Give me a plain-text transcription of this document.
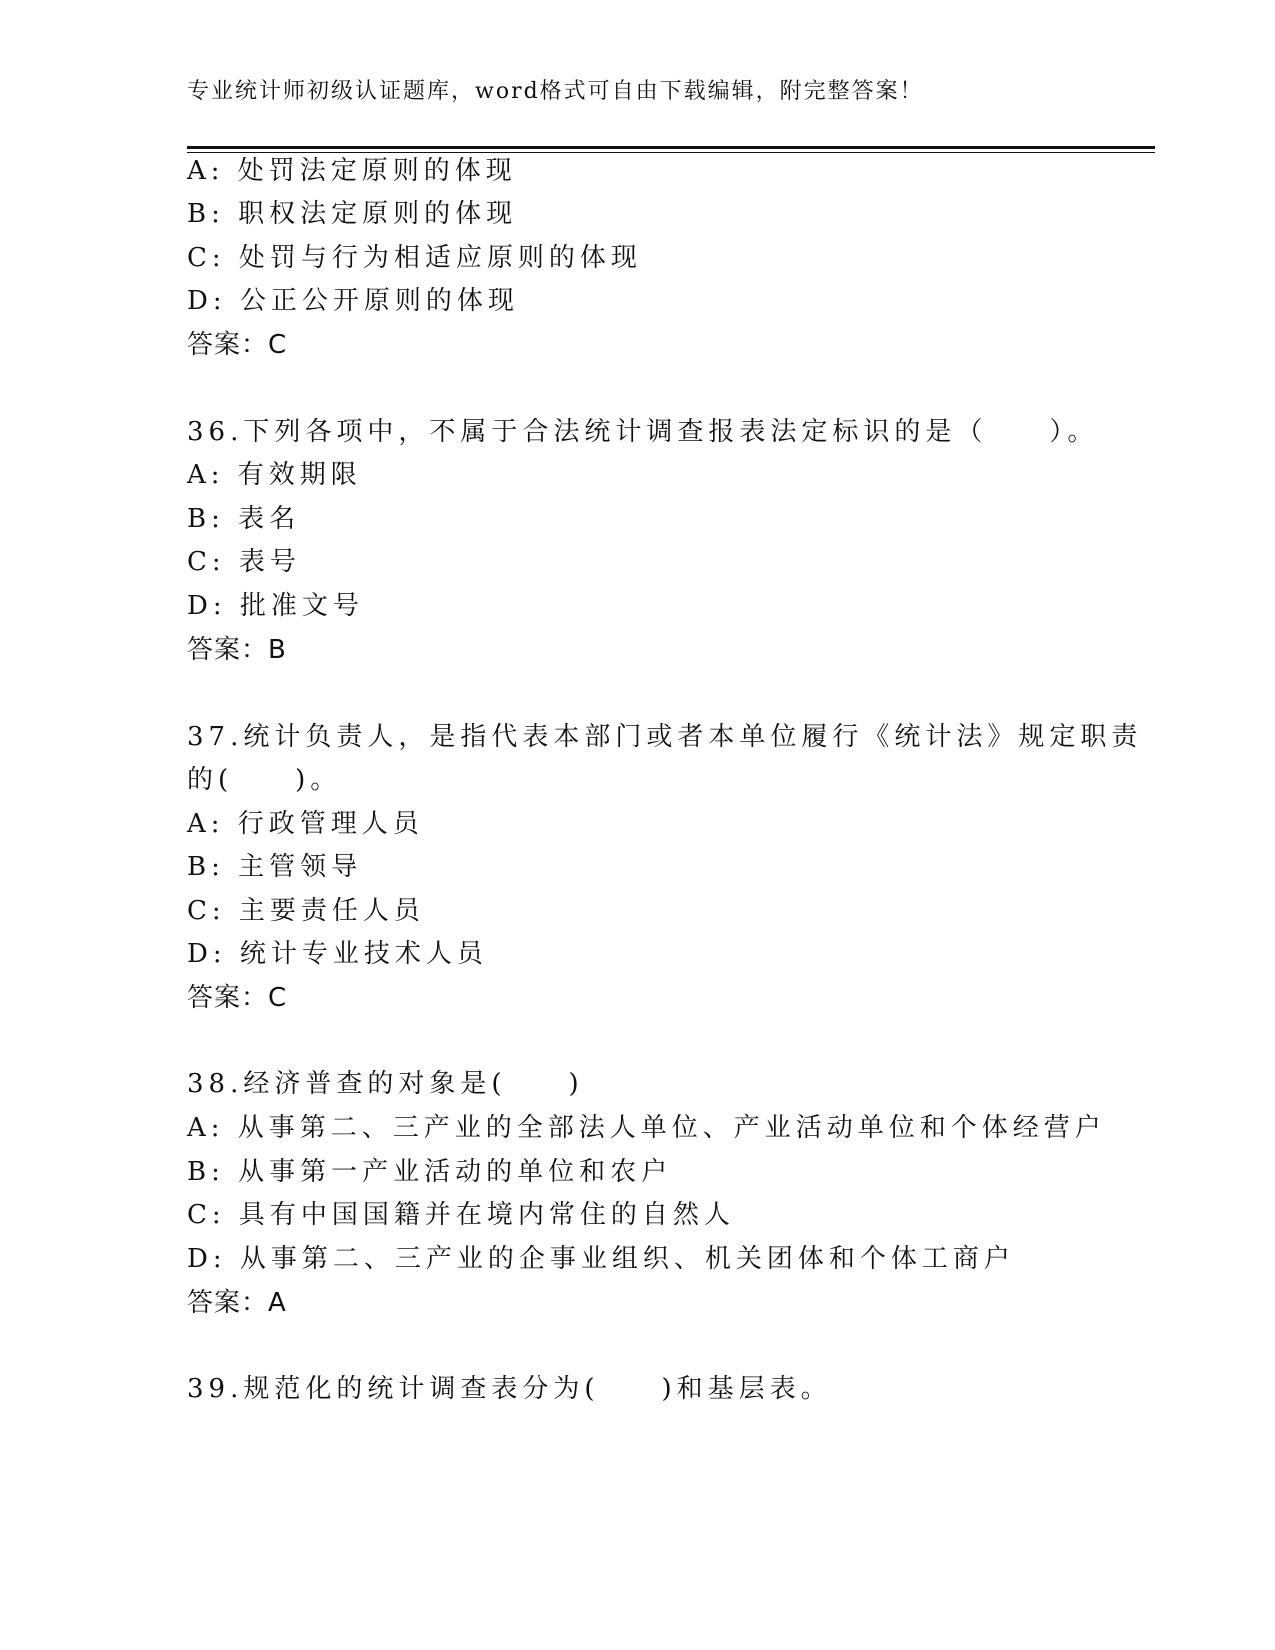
专业统计师初级认证题库，word格式可自由下载编辑，附完整答案！
A: 处罚法定原则的体现
B: 职权法定原则的体现
C: 处罚与行为相适应原则的体现
D: 公正公开原则的体现
答案：C
36.下列各项中，不属于合法统计调查报表法定标识的是（　　）。
A: 有效期限
B: 表名
C: 表号
D: 批准文号
答案：B
37.统计负责人，是指代表本部门或者本单位履行《统计法》规定职责
的(　　)。
A: 行政管理人员
B: 主管领导
C: 主要责任人员
D: 统计专业技术人员
答案：C
38.经济普查的对象是(　　)
A: 从事第二、三产业的全部法人单位、产业活动单位和个体经营户
B: 从事第一产业活动的单位和农户
C: 具有中国国籍并在境内常住的自然人
D: 从事第二、三产业的企事业组织、机关团体和个体工商户
答案：A
39.规范化的统计调查表分为(　　)和基层表。
